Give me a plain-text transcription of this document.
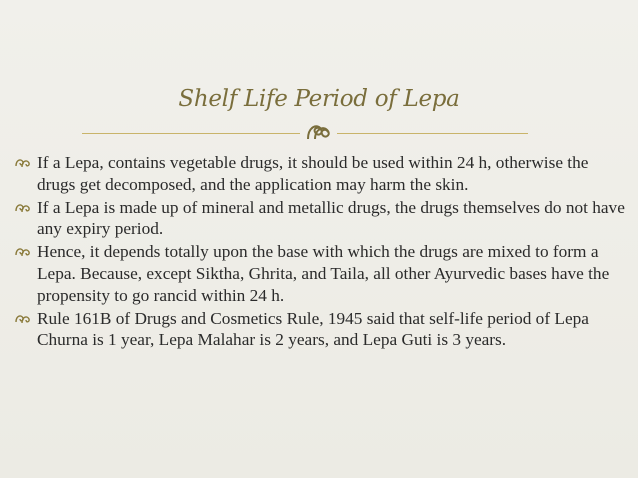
Shelf Life Period of Lepa
If a Lepa, contains vegetable drugs, it should be used within 24 h, otherwise the drugs get decomposed, and the application may harm the skin.
If a Lepa is made up of mineral and metallic drugs, the drugs themselves do not have any expiry period.
Hence, it depends totally upon the base with which the drugs are mixed to form a Lepa. Because, except Siktha, Ghrita, and Taila, all other Ayurvedic bases have the propensity to go rancid within 24 h.
Rule 161B of Drugs and Cosmetics Rule, 1945 said that self-life period of Lepa Churna is 1 year, Lepa Malahar is 2 years, and Lepa Guti is 3 years.
